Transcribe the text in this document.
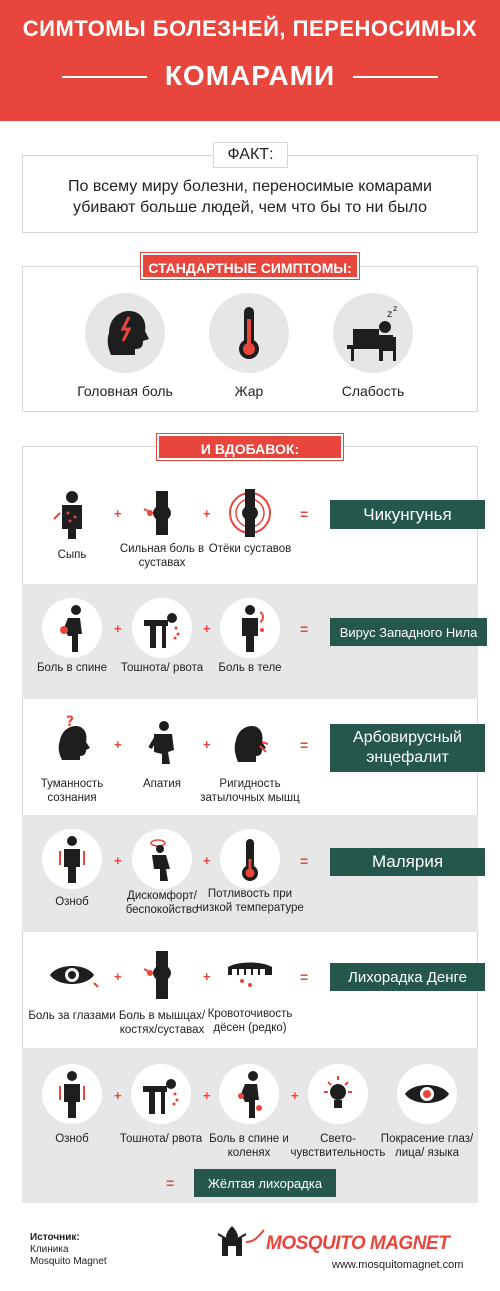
СИМТОМЫ БОЛЕЗНЕЙ, ПЕРЕНОСИМЫХ
КОМАРАМИ
ФАКТ:
По всему миру болезни, переносимые комарами
убивают больше людей, чем что бы то ни было
СТАНДАРТНЫЕ СИМПТОМЫ:
Головная боль	Жар
z
z
Слабость
И ВДОБАВОК:
Сыпь
+
Сильная боль в суставах
+
Отёки суставов
=	Чикунгунья
Боль в спине
+
Тошнота/ рвота
+
Боль в теле
=	Вирус Западного Нила
?
Туманность сознания
+
Апатия
+
Ригидность затылочных мышц
=	Арбовирусный энцефалит
Озноб
+
Дискомфорт/ беспокойство
+
Потливость при низкой температуре
=	Малярия
Боль за глазами
+
Боль в мышцах/ костях/суставах
+
Кровоточивость дёсен (редко)
=	Лихорадка Денге
Озноб
+
Тошнота/ рвота
+
Боль в спине и коленях
+
Свето- чувствительность
Покрасение глаз/лица/ языка
=	Жёлтая лихорадка
Источник:
Клиника
Mosquito Magnet
MOSQUITO MAGNET
www.mosquitomagnet.com
